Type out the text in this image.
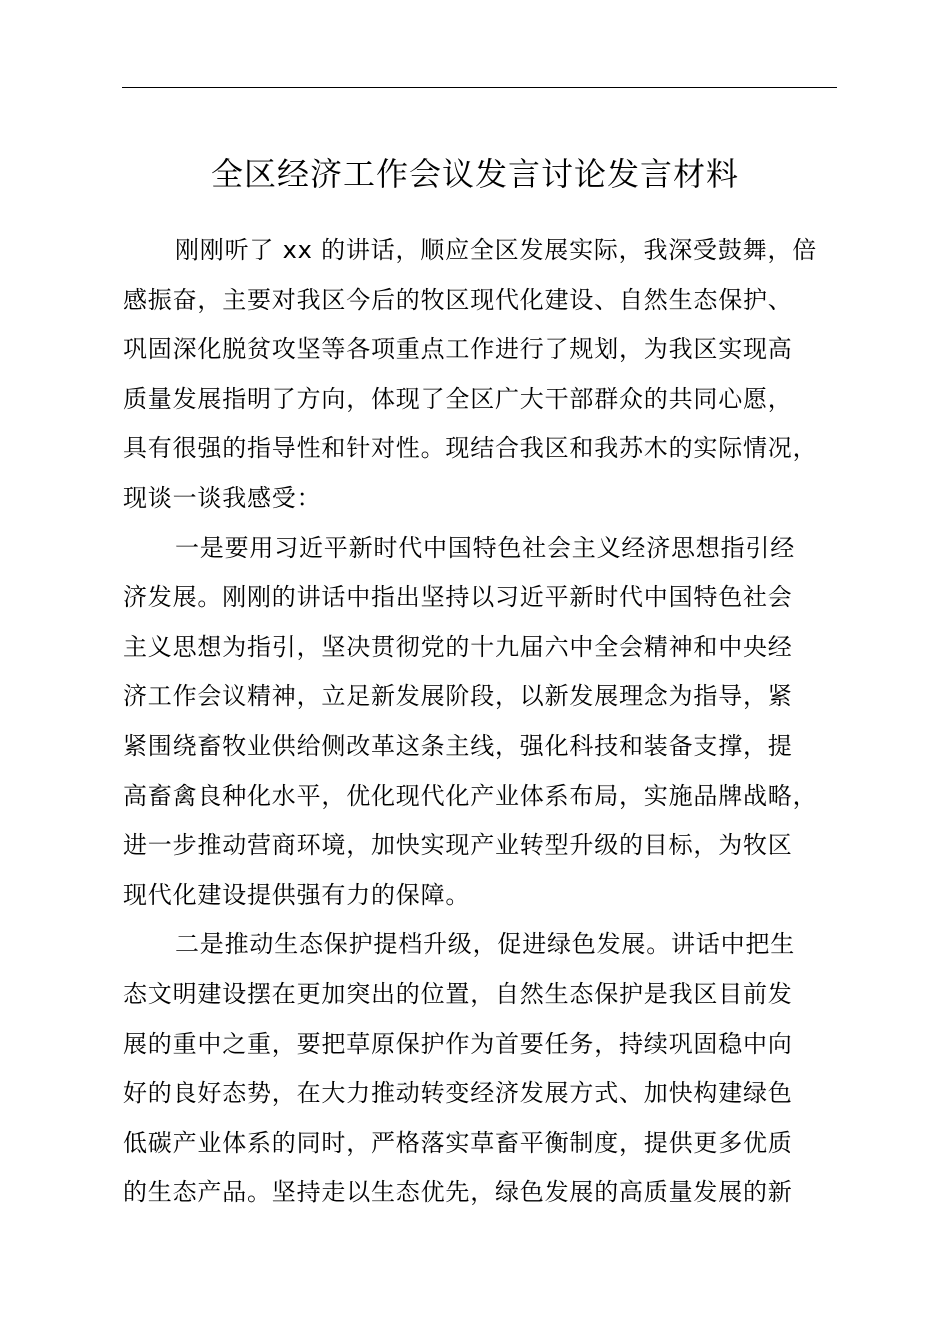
全区经济工作会议发言讨论发言材料
刚刚听了 xx 的讲话，顺应全区发展实际，我深受鼓舞，倍
感振奋，主要对我区今后的牧区现代化建设、自然生态保护、
巩固深化脱贫攻坚等各项重点工作进行了规划，为我区实现高
质量发展指明了方向，体现了全区广大干部群众的共同心愿，
具有很强的指导性和针对性。现结合我区和我苏木的实际情况，
现谈一谈我感受：
一是要用习近平新时代中国特色社会主义经济思想指引经
济发展。刚刚的讲话中指出坚持以习近平新时代中国特色社会
主义思想为指引，坚决贯彻党的十九届六中全会精神和中央经
济工作会议精神，立足新发展阶段，以新发展理念为指导，紧
紧围绕畜牧业供给侧改革这条主线，强化科技和装备支撑，提
高畜禽良种化水平，优化现代化产业体系布局，实施品牌战略，
进一步推动营商环境，加快实现产业转型升级的目标，为牧区
现代化建设提供强有力的保障。
二是推动生态保护提档升级，促进绿色发展。讲话中把生
态文明建设摆在更加突出的位置，自然生态保护是我区目前发
展的重中之重，要把草原保护作为首要任务，持续巩固稳中向
好的良好态势，在大力推动转变经济发展方式、加快构建绿色
低碳产业体系的同时，严格落实草畜平衡制度，提供更多优质
的生态产品。坚持走以生态优先，绿色发展的高质量发展的新
